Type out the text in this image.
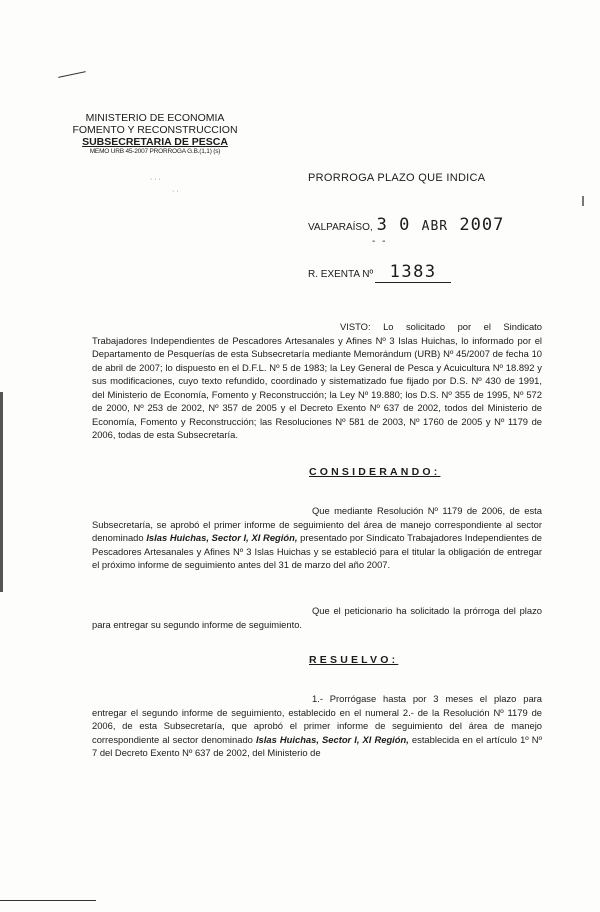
· · ·
· ·
MINISTERIO DE ECONOMIA
FOMENTO Y RECONSTRUCCION
SUBSECRETARIA DE PESCA
MEMO URB 45-2007 PRORROGA G.B.(1,1) (s)
PRORROGA PLAZO QUE INDICA
VALPARAÍSO, 3 0 ABR 2007
- -
R. EXENTA Nº 1383
VISTO: Lo solicitado por el Sindicato Trabajadores Independientes de Pescadores Artesanales y Afines Nº 3 Islas Huichas, lo informado por el Departamento de Pesquerías de esta Subsecretaría mediante Memorándum (URB) Nº 45/2007 de fecha 10 de abril de 2007; lo dispuesto en el D.F.L. Nº 5 de 1983; la Ley General de Pesca y Acuicultura Nº 18.892 y sus modificaciones, cuyo texto refundido, coordinado y sistematizado fue fijado por D.S. Nº 430 de 1991, del Ministerio de Economía, Fomento y Reconstrucción; la Ley Nº 19.880; los D.S. Nº 355 de 1995, Nº 572 de 2000, Nº 253 de 2002, Nº 357 de 2005 y el Decreto Exento Nº 637 de 2002, todos del Ministerio de Economía, Fomento y Reconstrucción; las Resoluciones Nº 581 de 2003, Nº 1760 de 2005 y Nº 1179 de 2006, todas de esta Subsecretaría.
CONSIDERANDO:
Que mediante Resolución Nº 1179 de 2006, de esta Subsecretaría, se aprobó el primer informe de seguimiento del área de manejo correspondiente al sector denominado Islas Huichas, Sector I, XI Región, presentado por Sindicato Trabajadores Independientes de Pescadores Artesanales y Afines Nº 3 Islas Huichas y se estableció para el titular la obligación de entregar el próximo informe de seguimiento antes del 31 de marzo del año 2007.
Que el peticionario ha solicitado la prórroga del plazo para entregar su segundo informe de seguimiento.
RESUELVO:
1.- Prorrógase hasta por 3 meses el plazo para entregar el segundo informe de seguimiento, establecido en el numeral 2.- de la Resolución Nº 1179 de 2006, de esta Subsecretaría, que aprobó el primer informe de seguimiento del área de manejo correspondiente al sector denominado Islas Huichas, Sector I, XI Región, establecida en el artículo 1º Nº 7 del Decreto Exento Nº 637 de 2002, del Ministerio de
